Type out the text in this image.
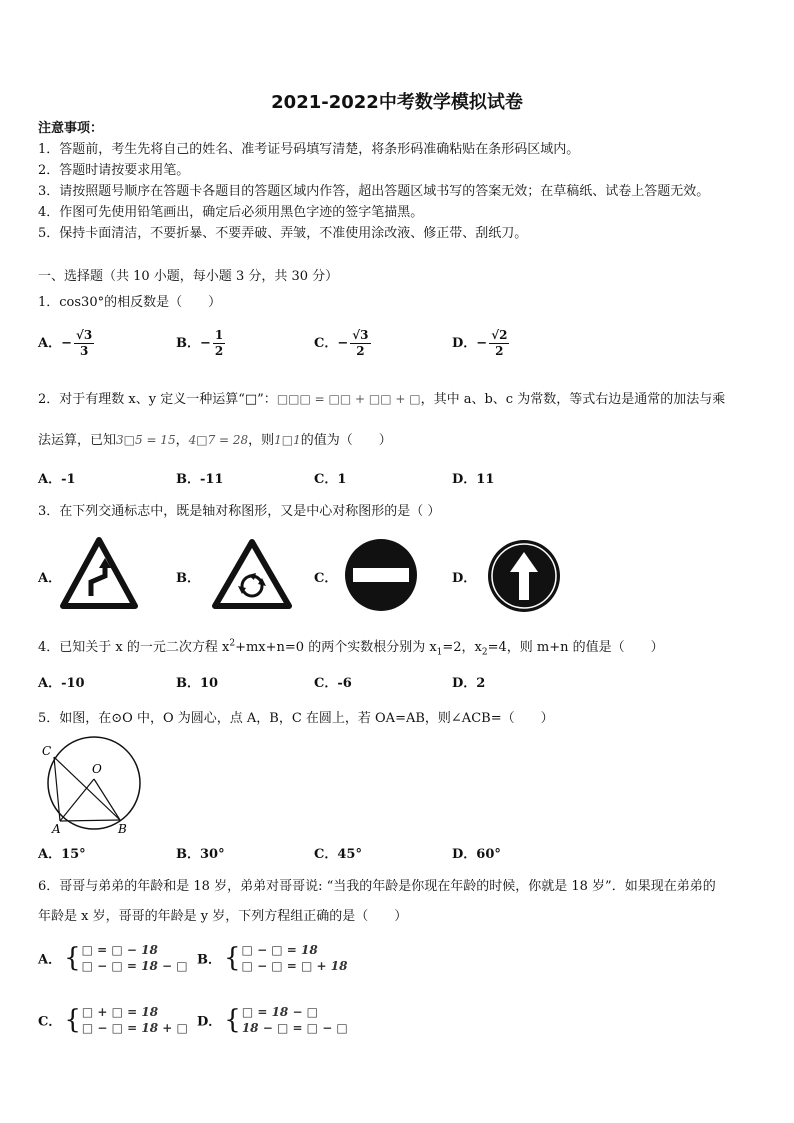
2021-2022中考数学模拟试卷
注意事项：
1．答题前，考生先将自己的姓名、准考证号码填写清楚，将条形码准确粘贴在条形码区域内。
2．答题时请按要求用笔。
3．请按照题号顺序在答题卡各题目的答题区域内作答，超出答题区域书写的答案无效；在草稿纸、试卷上答题无效。
4．作图可先使用铅笔画出，确定后必须用黑色字迹的签字笔描黑。
5．保持卡面清洁，不要折暴、不要弄破、弄皱，不准使用涂改液、修正带、刮纸刀。
一、选择题（共 10 小题，每小题 3 分，共 30 分）
1．cos30°的相反数是（　　）
A．− $\frac{√3}{3}$	B．− $\frac{1}{2}$	C．− $\frac{√3}{2}$	D．− $\frac{√2}{2}$
2．对于有理数 x、y 定义一种运算“□”：□□□ = □□ + □□ + □，其中 a、b、c 为常数，等式右边是通常的加法与乘
法运算，已知3□5 = 15，4□7 = 28，则1□1的值为（　　）
A．-1	B．-11	C．1	D．11
3．在下列交通标志中，既是轴对称图形，又是中心对称图形的是（ ）
A．	B．	C．	D．
4．已知关于 x 的一元二次方程 $x^2+mx+n=0$ 的两个实数根分别为 $x_1=2$，$x_2=4$，则 m+n 的值是（　　）
A．-10	B．10	C．-6	D．2
5．如图，在⊙O 中，O 为圆心，点 A，B，C 在圆上，若 OA=AB，则∠ACB=（　　）
C
O
A	B
A．15°	B．30°	C．45°	D．60°
6．哥哥与弟弟的年龄和是 18 岁，弟弟对哥哥说: “当我的年龄是你现在年龄的时候，你就是 18 岁”．如果现在弟弟的
年龄是 x 岁，哥哥的年龄是 y 岁，下列方程组正确的是（　　）
A． { □ = □ − 18
□ − □ = 18 − □ B． { □ − □ = 18
□ − □ = □ + 18
C． { □ + □ = 18
□ − □ = 18 + □ D． { □ = 18 − □
18 − □ = □ − □
